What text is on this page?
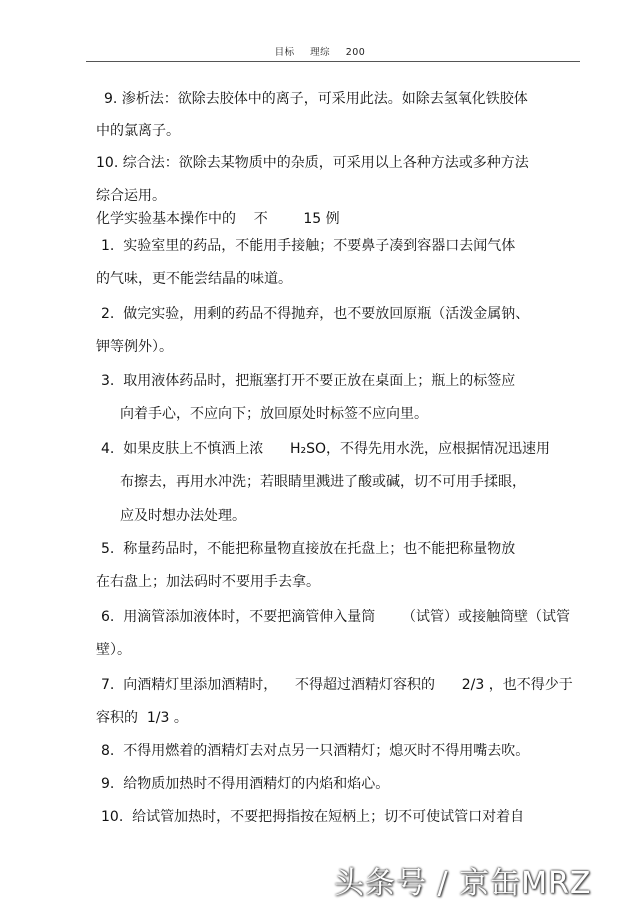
目标 理综 200
9. 渗析法：欲除去胶体中的离子，可采用此法。如除去氢氧化铁胶体
中的氯离子。
10. 综合法：欲除去某物质中的杂质，可采用以上各种方法或多种方法
综合运用。
化学实验基本操作中的    不        15 例
1.  实验室里的药品，不能用手接触；不要鼻子凑到容器口去闻气体
的气味，更不能尝结晶的味道。
2.  做完实验，用剩的药品不得抛弃，也不要放回原瓶（活泼金属钠、
钾等例外）。
3.  取用液体药品时，把瓶塞打开不要正放在桌面上；瓶上的标签应
向着手心，不应向下；放回原处时标签不应向里。
4.  如果皮肤上不慎洒上浓      H₂SO，不得先用水洗，应根据情况迅速用
布擦去，再用水冲洗；若眼睛里溅进了酸或碱，切不可用手揉眼，
应及时想办法处理。
5.  称量药品时，不能把称量物直接放在托盘上；也不能把称量物放
在右盘上；加法码时不要用手去拿。
6.  用滴管添加液体时，不要把滴管伸入量筒      （试管）或接触筒壁（试管
壁）。
7.  向酒精灯里添加酒精时，    不得超过酒精灯容积的      2/3 ，也不得少于
容积的  1/3 。
8.  不得用燃着的酒精灯去对点另一只酒精灯；熄灭时不得用嘴去吹。
9.  给物质加热时不得用酒精灯的内焰和焰心。
10.  给试管加热时，不要把拇指按在短柄上；切不可使试管口对着自
头条号 / 京缶MRZ
